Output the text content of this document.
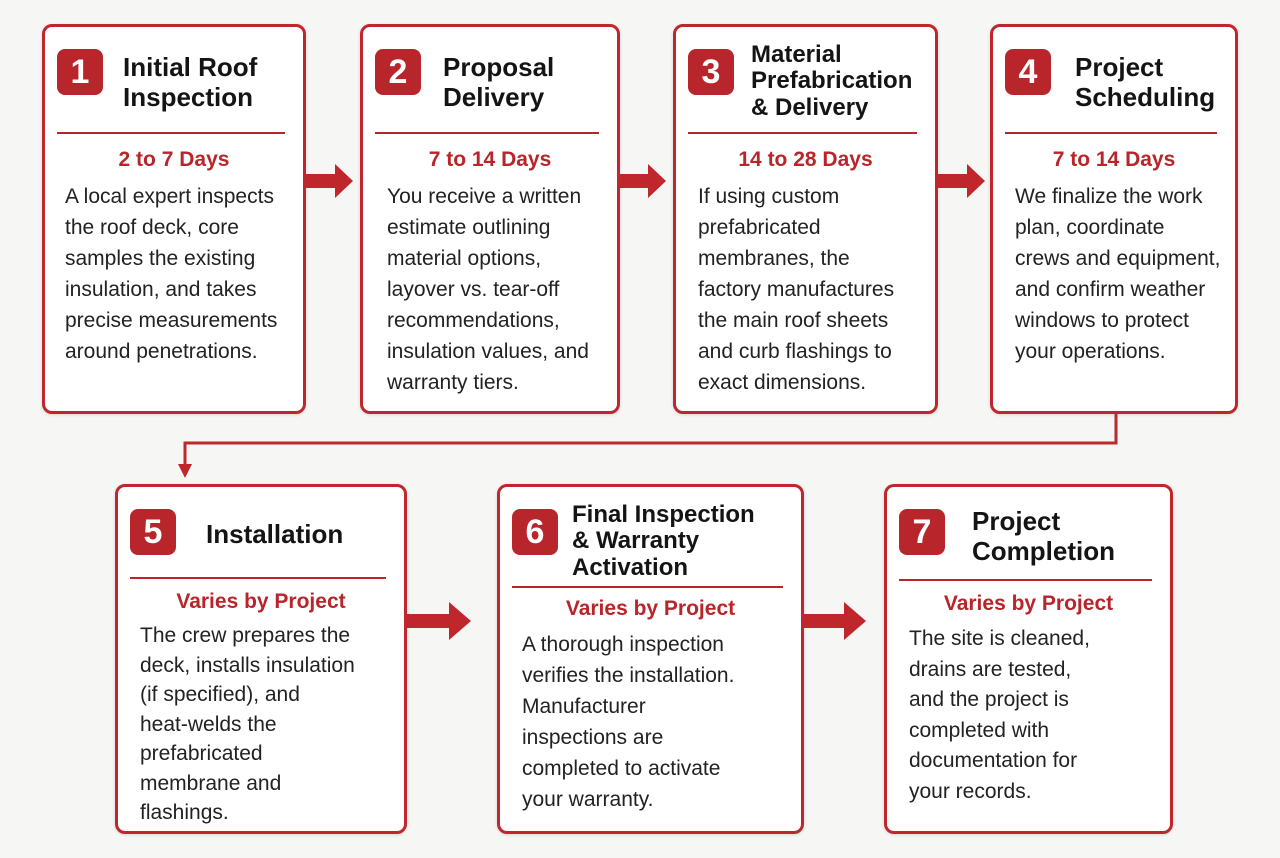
1	Initial Roof
Inspection
2 to 7 Days
A local expert inspects
the roof deck, core
samples the existing
insulation, and takes
precise measurements
around penetrations.
2	Proposal
Delivery
7 to 14 Days
You receive a written
estimate outlining
material options,
layover vs. tear-off
recommendations,
insulation values, and
warranty tiers.
3	Material
Prefabrication
& Delivery
14 to 28 Days
If using custom
prefabricated
membranes, the
factory manufactures
the main roof sheets
and curb flashings to
exact dimensions.
4	Project
Scheduling
7 to 14 Days
We finalize the work
plan, coordinate
crews and equipment,
and confirm weather
windows to protect
your operations.
5	Installation
Varies by Project
The crew prepares the
deck, installs insulation
(if specified), and
heat-welds the
prefabricated
membrane and
flashings.
6	Final Inspection
& Warranty
Activation
Varies by Project
A thorough inspection
verifies the installation.
Manufacturer
inspections are
completed to activate
your warranty.
7	Project
Completion
Varies by Project
The site is cleaned,
drains are tested,
and the project is
completed with
documentation for
your records.
